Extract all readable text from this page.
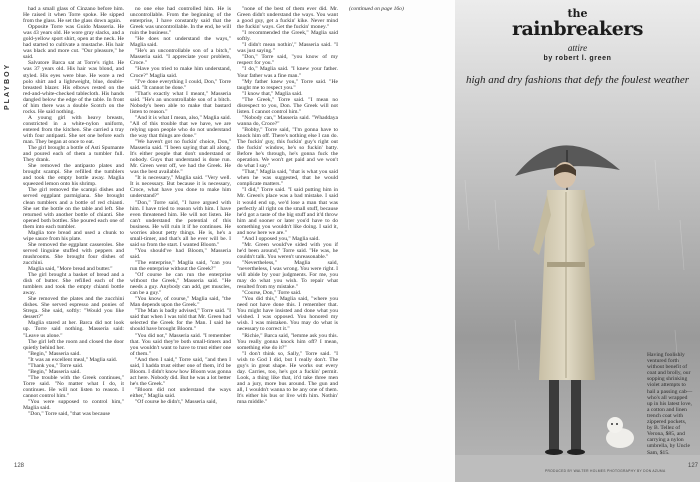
PLAYBOY

had a small glass of Cinzano before him. He raised it when Torre spoke. He sipped from the glass. He set the glass down again.

Opposite Torre was Guido Masseria. He was 43 years old. He wore gray slacks, and a gold-yellow sport shirt, open at the neck. He had started to cultivate a mustache. His hair was black and more cut. "Our pleasure," he said.

Salvatore Barca sat at Torre's right. He was 37 years old. His hair was blond, and styled. His eyes were blue. He wore a red polo shirt and a lightweight, blue, double-breasted blazer. His elbows rested on the red-and-white-checked tablecloth. His hands dangled below the edge of the table. In front of him there was a double Scotch on the rocks. He said nothing.

A young girl with heavy breasts, constricted in a white-nylon uniform, entered from the kitchen. She carried a tray with four antipasti. She set one before each man. They began at once to eat.

The girl brought a bottle of Asti Spumante and poured each of them a tumbler full. They drank.

She removed the antipasto plates and brought scampi. She refilled the tumblers and took the empty bottle away. Maglia squeezed lemon onto his shrimp.

The girl removed the scampi dishes and served eggplant parmigiana. She brought clean tumblers and a bottle of red chianti. She set the bottle on the table and left. She returned with another bottle of chianti. She opened both bottles. She poured each one of them into each tumbler.

Maglia tore bread and used a chunk to wipe sauce from his plate.

She removed the eggplant casseroles. She served linguine stuffed with peppers and mushrooms. She brought four dishes of zucchini.

Maglia said, "More bread and butter."

The girl brought a basket of bread and a dish of butter. She refilled each of the tumblers and took the empty chianti bottle away.

She removed the plates and the zucchini dishes. She served espresso and ponies of Strega. She said, softly: "Would you like dessert?"

Maglia stared at her. Barca did not look up. Torre said nothing. Masseria said: "Leave us alone."

The girl left the room and closed the door quietly behind her.

"Begin," Masseria said.

"It was an excellent meal," Maglia said.

"Thank you," Torre said.

"Begin," Masseria said.

"The trouble with the Greek continues," Torre said. "No matter what I do, it continues. He will not listen to reason. I cannot control him."

"You were supposed to control him," Maglia said.

"Don," Torre said, "that was because

no one else had controlled him. He is uncontrollable. From the beginning of the enterprise, I have constantly said that the Greek was uncontrollable. In the end, he will ruin the business."

"He does not understand the ways," Maglia said.

"He's an uncontrollable son of a bitch," Masseria said. "I appreciate your problem, Croce."

"Have you tried to make him understand, Croce?" Maglia said.

"I've done everything I could, Don," Torre said. "It cannot be done."

"That's exactly what I meant," Masseria said. "He's an uncontrollable son of a bitch. Nobody's been able to make that bastard listen to reason."

"And it is what I mean, also," Maglia said. "All of this trouble that we have, we are relying upon people who do not understand the way that things are done."

"We haven't got no fuckin' choice, Don," Masseria said. "I been saying that all along. It's either people that don't understand or nobody. Guys that understand is done run. Mr. Green went off, we had the Greek. He was the best available."

"It is necessary," Maglia said. "Very well. It is necessary. But because it is necessary, Croce, what have you done to make him understand?"

"Don," Torre said, "I have argued with him. I have tried to reason with him. I have even threatened him. He will not listen. He can't understand the potential of this business. He will ruin it if he continues. He worries about petty things. He is, he's a small-timer, and that's all he ever will be. I said so from the start. I wanted Bloom."

"You should've had Bloom," Masseria said.

"The enterprise," Maglia said, "can you run the enterprise without the Greek?"

"Of course he can run the enterprise without the Greek," Masseria said. "He needs a guy. Anybody can add, get muscles, can be a guy."

"You know, of course," Maglia said, "the Man depends upon the Greek."

"The Man is badly advised," Torre said. "I said that when I was told that Mr. Green had selected the Greek for the Man. I said he should have brought Bloom."

"You did not," Masseria said. "I remember that. You said they're both small-timers and you wouldn't want to have to trust either one of them."

"And then I said," Torre said, "and then I said, I hadda trust either one of them, it'd be Bloom. I didn't know how Bloom was gonna act here. Nobody did. But he was a lot better he's the Greek."

"Bloom did not understand the ways either," Maglia said.

"Of course he didn't," Masseria said,

"none of the best of them ever did. Mr. Green didn't understand the ways. You want a good guy, get a fuckin' kike. Never mind the fuckin' ways. Get the fuckin' money."

"I recommended the Greek," Maglia said softly.

"I didn't mean nothin'," Masseria said. "I was just saying."

"Don," Torre said, "you know of my respect for you."

"I do," Maglia said. "I knew your father. Your father was a fine man."

"My father knew you," Torre said. "He taught me to respect you."

"I know that," Maglia said.

"The Greek," Torre said. "I mean no disrespect to you, Don. The Greek will not listen. I cannot control him."

"Nobody can," Masseria said. "Whaddaya wanna do, Croce?"

"Bobby," Torre said, "I'm gonna have to knock him off. There's nothing else I can do. The fuckin' guy, this fuckin' guy's right out the fuckin' window, he's so fuckin' batty. Before he's through, he's gonna fuck the operation. We won't get paid and we won't do what I say."

"That," Maglia said, "that is what you said when he was suggested, that he would complicate matters."

"I did," Torre said. "I said putting him in Mr. Green's place was a bad mistake. I said it would end up, we'd lose a man that was perfectly all right on the small stuff, because he'd got a taste of the big stuff and it'd throw him and sooner or later you'd have to do something you wouldn't like doing. I said it, and now here we are."

"And I opposed you," Maglia said.

"Mr. Green would've sided with you if he'd been around," Torre said. "He was, he couldn't talk. You weren't unreasonable."

"Nevertheless," Maglia said, "nevertheless, I was wrong. You were right. I will abide by your judgments. For me, you may do what you wish. To repair what resulted from my mistake."

"Course, Don," Torre said.

"You did this," Maglia said, "where you need not have done this. I remember that. You might have insisted and done what you wished. I was opposed. You honored my wish. I was mistaken. You may do what is necessary to correct it."

"Richie," Barca said, "lemme ask you this. You really gonna knock him off? I mean, something else do it?"

"I don't think so, Sally," Torre said. "I wish to God I did, but I really don't. The guy's in great shape. He works out every day. Carries, too, he's got a fuckin' permit. Look, a thing like that, it'd take three men and a jury, more bus around. The gun and all, I wouldn't wanna to be any one of them. It's either his bus or live with him. Nothin' mna middle."

128

(continued on page 16o)	the
rainbreakers
attire
by robert l. green
high and dry fashions that defy the foulest weather
Having foolishly ventured forth without benefit of coat and brolly, our sopping shrinking violet attempts to hail a passing cab—who's all wrapped up in his latest love, a cotton and linen trench coat with zippered pockets, by B. Tellez of Verona, $85, and carrying a nylon umbrella, by Uncle Sam, $15.
PRODUCED BY WALTER HOLMES PHOTOGRAPHY BY DON AZUMA
127
